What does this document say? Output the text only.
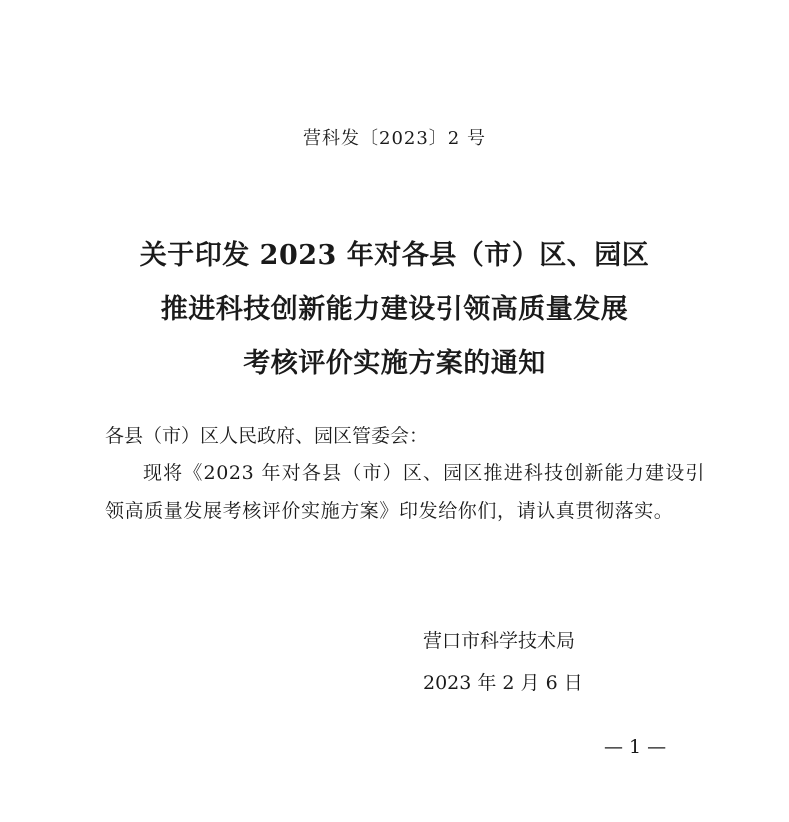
营科发〔2023〕2 号
关于印发 2023 年对各县（市）区、园区
推进科技创新能力建设引领高质量发展
考核评价实施方案的通知
各县（市）区人民政府、园区管委会：
现将《2023 年对各县（市）区、园区推进科技创新能力建设引领高质量发展考核评价实施方案》印发给你们，请认真贯彻落实。
营口市科学技术局
2023 年 2 月 6 日
— 1 —
